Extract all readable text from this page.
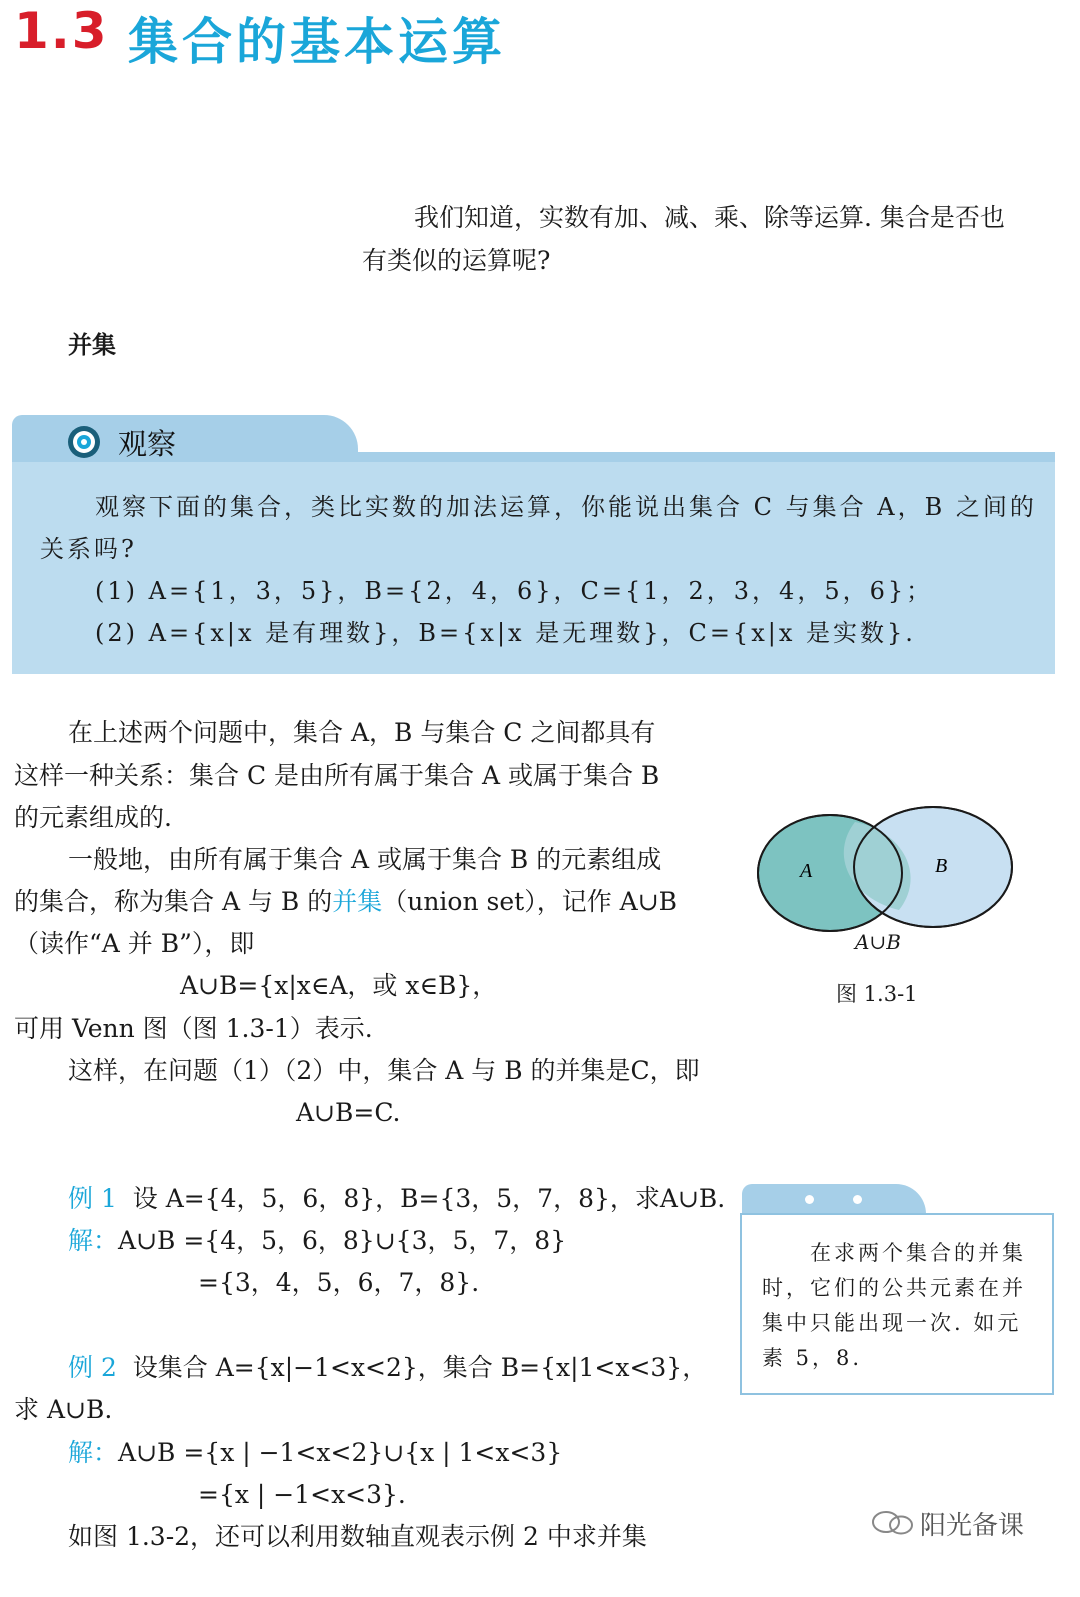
1.3 集合的基本运算
我们知道，实数有加、减、乘、除等运算. 集合是否也
有类似的运算呢?
并集
观察
观察下面的集合，类比实数的加法运算，你能说出集合 C 与集合 A，B 之间的
关系吗?
(1) A={1，3，5}，B={2，4，6}，C={1，2，3，4，5，6}；
(2) A={x|x 是有理数}，B={x|x 是无理数}，C={x|x 是实数}.
在上述两个问题中，集合 A，B 与集合 C 之间都具有
这样一种关系：集合 C 是由所有属于集合 A 或属于集合 B
的元素组成的.
一般地，由所有属于集合 A 或属于集合 B 的元素组成
的集合，称为集合 A 与 B 的并集（union set），记作 A∪B
（读作“A 并 B”），即
A∪B={x|x∈A，或 x∈B}，
可用 Venn 图（图 1.3-1）表示.
这样，在问题（1）（2）中，集合 A 与 B 的并集是C，即
A∪B=C.
A	B
A∪B
图 1.3-1
例 1 设 A={4，5，6，8}，B={3，5，7，8}，求A∪B.
解：A∪B ={4，5，6，8}∪{3，5，7，8}
={3，4，5，6，7，8}.
例 2 设集合 A={x|−1<x<2}，集合 B={x|1<x<3}，
求 A∪B.
解：A∪B ={x | −1<x<2}∪{x | 1<x<3}
={x | −1<x<3}.
如图 1.3-2，还可以利用数轴直观表示例 2 中求并集
在求两个集合的并集
时，它们的公共元素在并
集中只能出现一次. 如元
素 5，8.
阳光备课
